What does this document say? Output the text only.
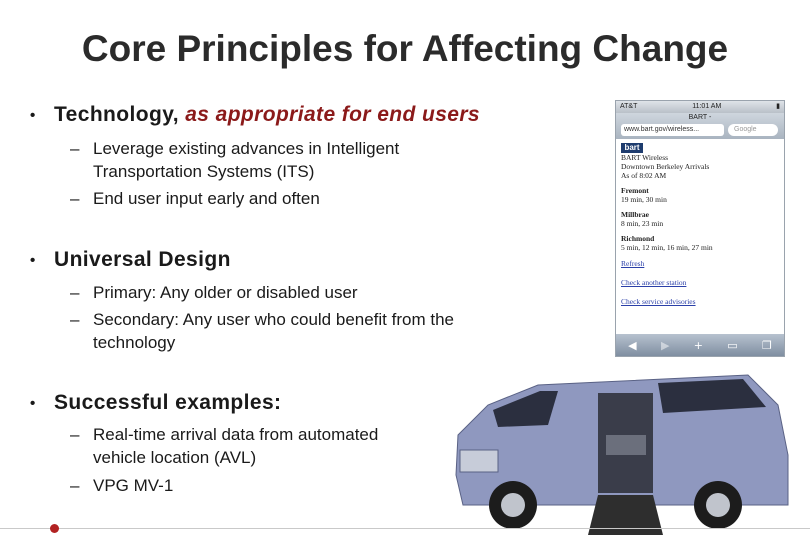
Core Principles for Affecting Change
• Technology, as appropriate for end users
– Leverage existing advances in Intelligent Transportation Systems (ITS)
– End user input early and often
• Universal Design
– Primary: Any older or disabled user
– Secondary: Any user who could benefit from the technology
• Successful examples:
– Real-time arrival data from automated vehicle location (AVL)
– VPG MV-1
AT&T	11:01 AM	▮
BART -
www.bart.gov/wireless...	Google
bart
BART Wireless
Downtown Berkeley Arrivals
As of 8:02 AM
Fremont
19 min, 30 min
Millbrae
8 min, 23 min
Richmond
5 min, 12 min, 16 min, 27 min
Refresh
Check another station
Check service advisories
◀ ▶ + ▭ ❐
